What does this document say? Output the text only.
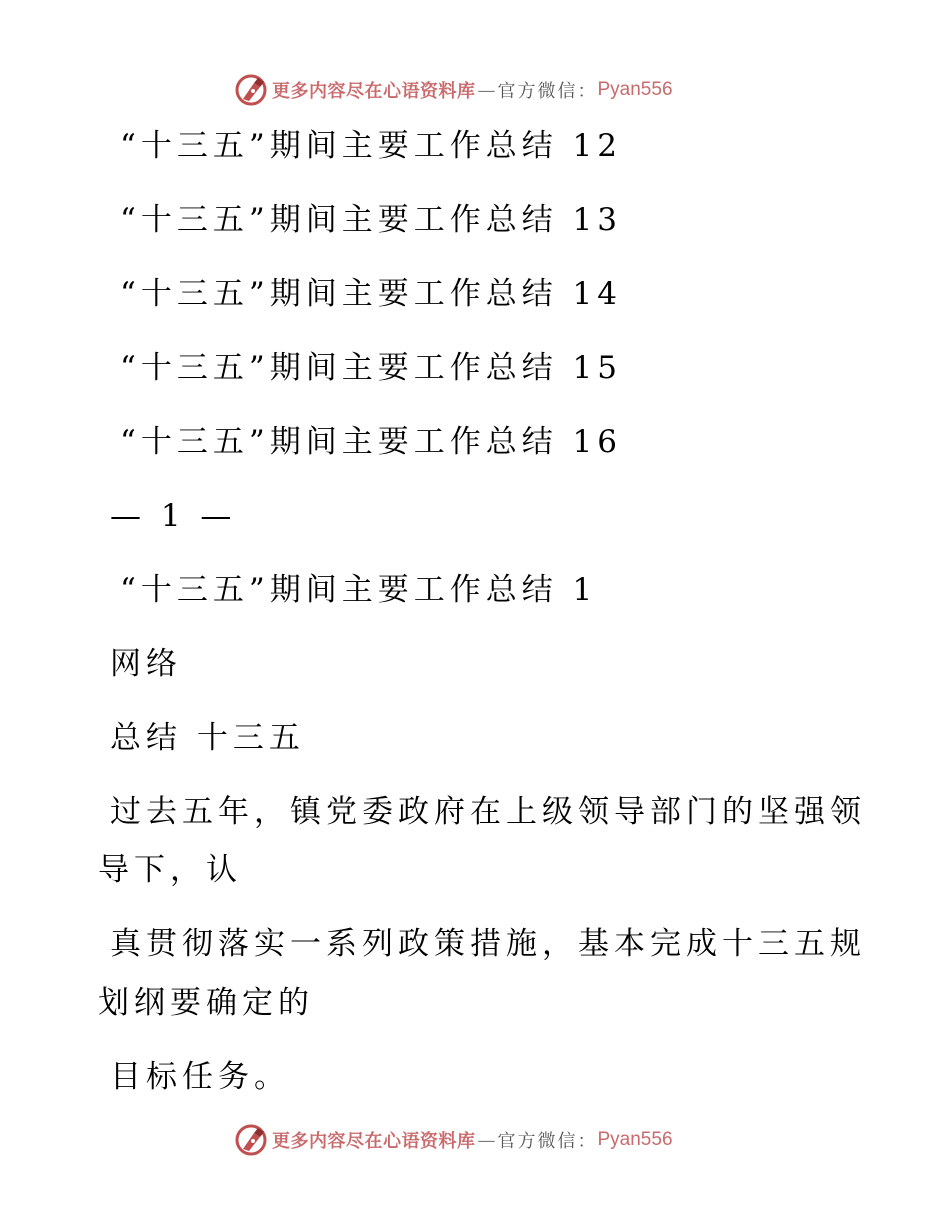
更多内容尽在心语资料库 — 官方微信： Pyan556
“十三五”期间主要工作总结 12
“十三五”期间主要工作总结 13
“十三五”期间主要工作总结 14
“十三五”期间主要工作总结 15
“十三五”期间主要工作总结 16
— 1 —
“十三五”期间主要工作总结 1
网络
总结 十三五
过去五年，镇党委政府在上级领导部门的坚强领
导下，认
真贯彻落实一系列政策措施，基本完成十三五规
划纲要确定的
目标任务。
更多内容尽在心语资料库 — 官方微信： Pyan556
